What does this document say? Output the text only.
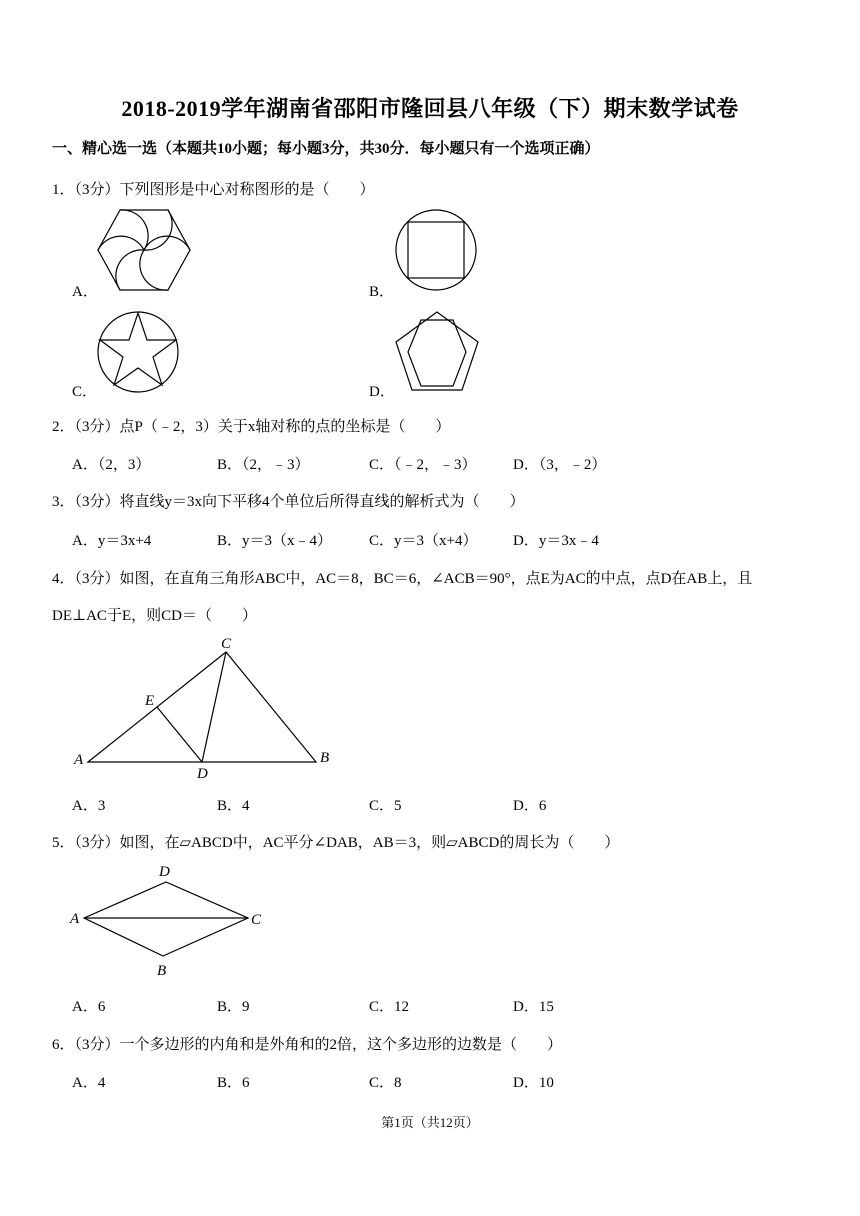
2018-2019学年湖南省邵阳市隆回县八年级（下）期末数学试卷
一、精心选一选（本题共10小题；每小题3分，共30分．每小题只有一个选项正确）
1．（3分）下列图形是中心对称图形的是（　　）
A．	B．
C．	D．
2．（3分）点P（﹣2，3）关于x轴对称的点的坐标是（　　）
A．（2，3）	B．（2，﹣3）	C．（﹣2，﹣3） D．（3，﹣2）
3．（3分）将直线y＝3x向下平移4个单位后所得直线的解析式为（　　）
A．y＝3x+4	B．y＝3（x﹣4） C．y＝3（x+4） D．y＝3x﹣4
4．（3分）如图，在直角三角形ABC中，AC＝8，BC＝6，∠ACB＝90°，点E为AC的中点，点D在AB上，且
DE⊥AC于E，则CD＝（　　）
A
C
E
D
B
A．3	B．4	C．5	D．6
5．（3分）如图，在▱ABCD中，AC平分∠DAB，AB＝3，则▱ABCD的周长为（　　）
D
A	C
B
A．6	B．9	C．12	D．15
6．（3分）一个多边形的内角和是外角和的2倍，这个多边形的边数是（　　）
A．4	B．6	C．8	D．10
第1页（共12页）
